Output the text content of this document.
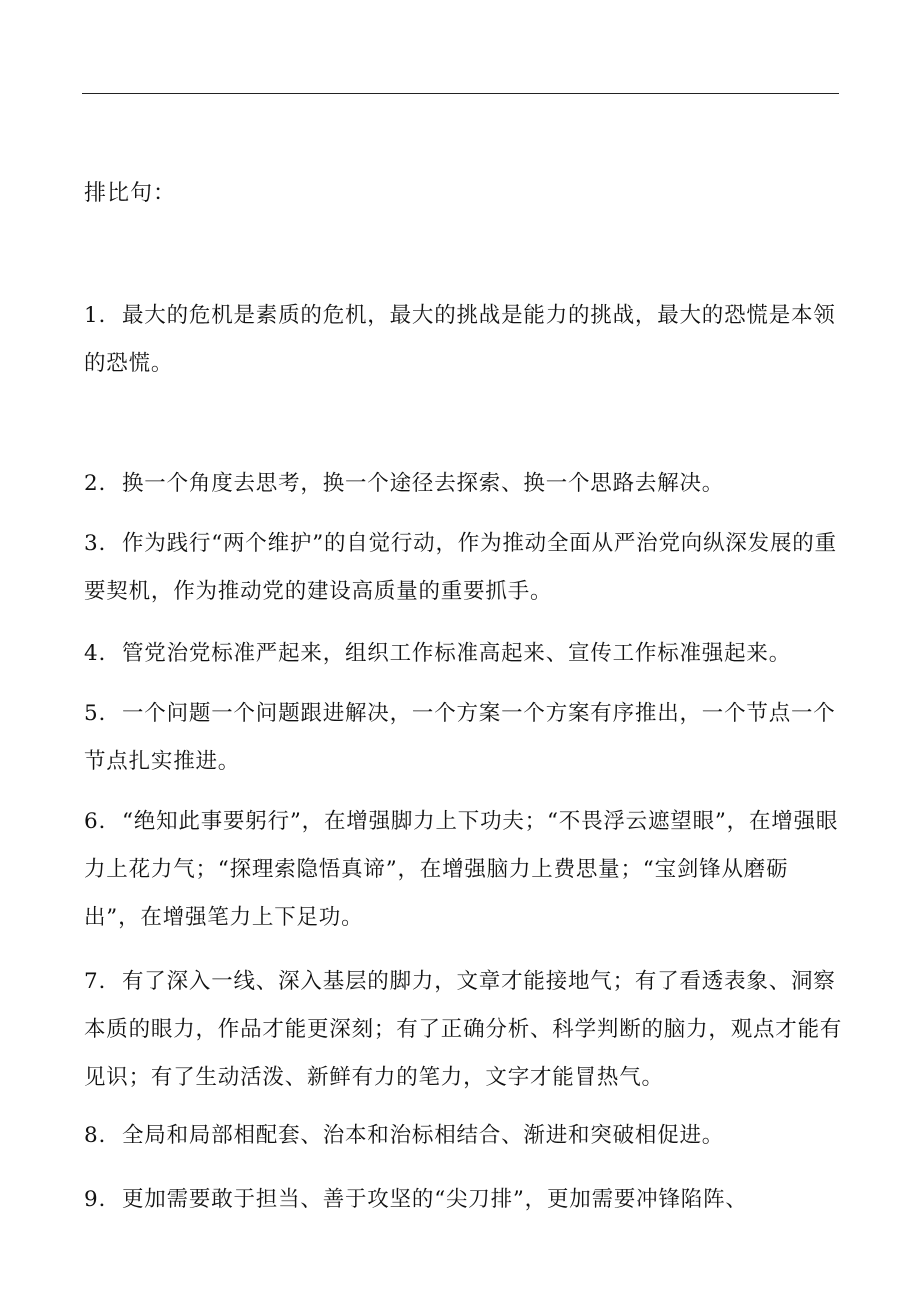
排比句：
1. 最大的危机是素质的危机，最大的挑战是能力的挑战，最大的恐慌是本领的恐慌。
2. 换一个角度去思考，换一个途径去探索、换一个思路去解决。
3. 作为践行“两个维护”的自觉行动，作为推动全面从严治党向纵深发展的重要契机，作为推动党的建设高质量的重要抓手。
4. 管党治党标准严起来，组织工作标准高起来、宣传工作标准强起来。
5. 一个问题一个问题跟进解决，一个方案一个方案有序推出，一个节点一个节点扎实推进。
6. “绝知此事要躬行”，在增强脚力上下功夫；“不畏浮云遮望眼”，在增强眼力上花力气；“探理索隐悟真谛”，在增强脑力上费思量；“宝剑锋从磨砺出”，在增强笔力上下足功。
7. 有了深入一线、深入基层的脚力，文章才能接地气；有了看透表象、洞察本质的眼力，作品才能更深刻；有了正确分析、科学判断的脑力，观点才能有见识；有了生动活泼、新鲜有力的笔力，文字才能冒热气。
8. 全局和局部相配套、治本和治标相结合、渐进和突破相促进。
9. 更加需要敢于担当、善于攻坚的“尖刀排”，更加需要冲锋陷阵、
